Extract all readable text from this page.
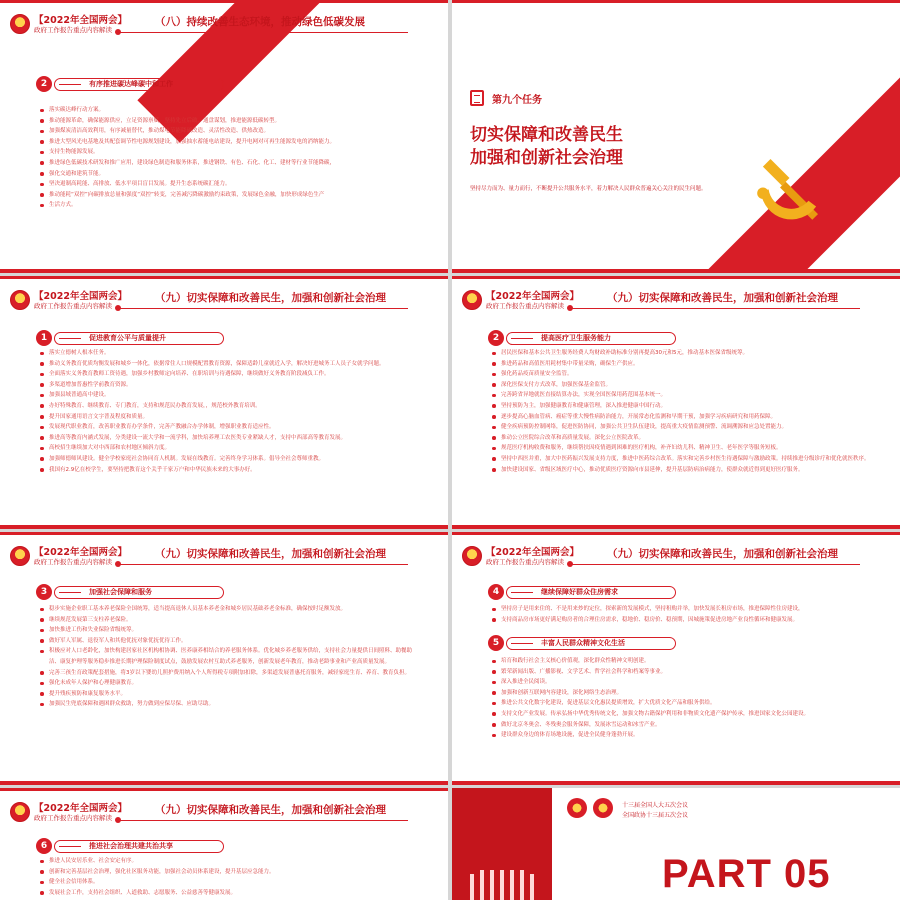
【2022年全国两会】
政府工作报告重点内容解读
（八）持续改善生态环境，推动绿色低碳发展
2	有序推进碳达峰碳中和工作
落实碳达峰行动方案。
推动能源革命，确保能源供应，立足资源禀赋，坚持先立后破、通盘谋划，推进能源低碳转型。
加强煤炭清洁高效利用，有序减量替代，推动煤电节能降碳改造、灵活性改造、供热改造。
推进大型风光电基地及其配套调节性电源规划建设，加强抽水蓄能电站建设，提升电网对可再生能源发电的消纳能力。
支持生物能源发展。
推进绿色低碳技术研发和推广应用，建设绿色制造和服务体系，推进钢铁、有色、石化、化工、建材等行业节能降碳，
强化交通和建筑节能。
坚决遏制高耗能、高排放、低水平项目盲目发展。提升生态系统碳汇能力。
推动能耗“双控”向碳排放总量和强度“双控”转变，完善减污降碳激励约束政策，发展绿色金融，加快形成绿色生产
生活方式。
第九个任务
切实保障和改善民生
加强和创新社会治理
坚持尽力而为、量力而行，不断提升公共服务水平，着力解决人民群众普遍关心关注的民生问题。
【2022年全国两会】
政府工作报告重点内容解读
（九）切实保障和改善民生，加强和创新社会治理
1	促进教育公平与质量提升
落实立德树人根本任务。
推动义务教育优质均衡发展和城乡一体化，依据常住人口规模配置教育资源，保障适龄儿童就近入学，解决好进城务工人员子女就学问题。
全面落实义务教育教师工资待遇，加强乡村教师定向培养、在职培训与待遇保障，继续做好义务教育阶段减负工作。
多渠道增加普惠性学前教育资源。
加强县域普通高中建设。
办好特殊教育、继续教育、专门教育，支持和规范民办教育发展，，规范校外教育培训。
提升国家通用语言文字普及程度和质量。
发展现代职业教育，改善职业教育办学条件，完善产教融合办学体制，增强职业教育适应性。
推进高等教育内涵式发展，分类建设一流大学和一流学科，加快培养理工农医类专业紧缺人才，支持中西部高等教育发展。
高校招生继续加大对中西部和农村地区倾斜力度。
加强师德师风建设。健全学校家庭社会协同育人机制。发展在线教育。完善终身学习体系。倡导全社会尊师重教。
我国有2.9亿在校学生，要坚持把教育这个关乎千家万户和中华民族未来的大事办好。
【2022年全国两会】
政府工作报告重点内容解读
（九）切实保障和改善民生，加强和创新社会治理
2	提高医疗卫生服务能力
居民医保和基本公共卫生服务经费人均财政补助标准分别再提高30元和5元，推动基本医保省级统筹。
推进药品和高值医用耗材集中带量采购，确保生产供应。
强化药品疫苗质量安全监管。
深化医保支付方式改革，加强医保基金监管。
完善跨省异地就医直接结算办法，实现全国医保用药范围基本统一。
坚持预防为主，加强健康教育和健康管理，深入推进健康中国行动。
逐步提高心脑血管病、癌症等重大慢性病防治能力，开展常态化监测和早期干预，加强学习疾病研究和用药保障。
健全疾病预防控制网络，促进医防协同，加强公共卫生队伍建设，提高重大疫情监测预警、流调溯源和应急处置能力。
推动公立医院综合改革和高质量发展。深化公立医院改革。
规范医疗机构收费和服务，继续帮扶因疫情遇到困难的医疗机构，补齐妇幼儿科、精神卫生、老年医学等服务短板。
坚持中西医并重，加大中医药振兴发展支持力度，推进中医药综合改革。落实和完善乡村医生待遇保障与激励政策。持续推进分级诊疗和优化就医秩序。
加快建设国家、省级区域医疗中心，推动优质医疗资源向市县延伸，提升基层防病治病能力，使群众就近得到更好医疗服务。
【2022年全国两会】
政府工作报告重点内容解读
（九）切实保障和改善民生，加强和创新社会治理
3	加强社会保障和服务
稳步实施企业职工基本养老保险全国统筹，适当提高退休人员基本养老金和城乡居民基础养老金标准，确保按时足额发放。
继续规范发展第三支柱养老保险。
加快推进工伤和失业保险省级统筹。
做好军人军属、退役军人和其他优抚对象优抚优待工作。
积极应对人口老龄化，加快构建居家社区机构相协调、医养康养相结合的养老服务体系。优化城乡养老服务供给，支持社会力量提供日间照料、助餐助洁、康复护理等服务稳步推进长期护理保险制度试点，鼓励发展农村互助式养老服务，创新发展老年教育，推动老龄事业和产业高质量发展。
完善三孩生育政策配套措施，将3岁以下婴幼儿照护费用纳入个人所得税专项附加扣除，多渠道发展普惠托育服务，减轻家庭生育、养育、教育负担。
强化未成年人保护和心理健康教育。
提升残疾预防和康复服务水平。
加强民生兜底保障和遇困群众救助，努力做到应保尽保、应助尽助。
【2022年全国两会】
政府工作报告重点内容解读
（九）切实保障和改善民生，加强和创新社会治理
4	继续保障好群众住房需求
坚持房子是用来住的、不是用来炒的定位，探索新的发展模式，坚持租购并举，加快发展长租房市场，推进保障性住房建设，
支持商品房市场更好满足购房者的合理住房需求，稳地价、稳房价、稳预期，因城施策促进房地产业良性循环和健康发展。
5	丰富人民群众精神文化生活
培育和践行社会主义核心价值观，深化群众性精神文明创建。
繁荣新闻出版、广播影视、文学艺术、哲学社会科学和档案等事业。
深入推进全民阅读。
加强和创新互联网内容建设，深化网络生态治理。
推进公共文化数字化建设，促进基层文化惠民提质增效，扩大优质文化产品和服务供给。
支持文化产业发展。传承弘扬中华优秀传统文化，加强文物古籍保护利用和非物质文化遗产保护传承，推进国家文化公园建设。
做好北京冬奥会、冬残奥会服务保障，发展冰雪运动和冰雪产业。
建设群众身边的体育场地设施，促进全民健身蓬勃开展。
【2022年全国两会】
政府工作报告重点内容解读
（九）切实保障和改善民生，加强和创新社会治理
6	推进社会治理共建共治共享
推进人民安居乐业、社会安定有序。
创新和完善基层社会治理，强化社区服务功能，加强社会动员体系建设，提升基层应急能力。
健全社会信用体系。
发展社会工作，支持社会组织、人道救助、志愿服务、公益慈善等健康发展。
十三届全国人大五次会议
全国政协十三届五次会议
PART 05
